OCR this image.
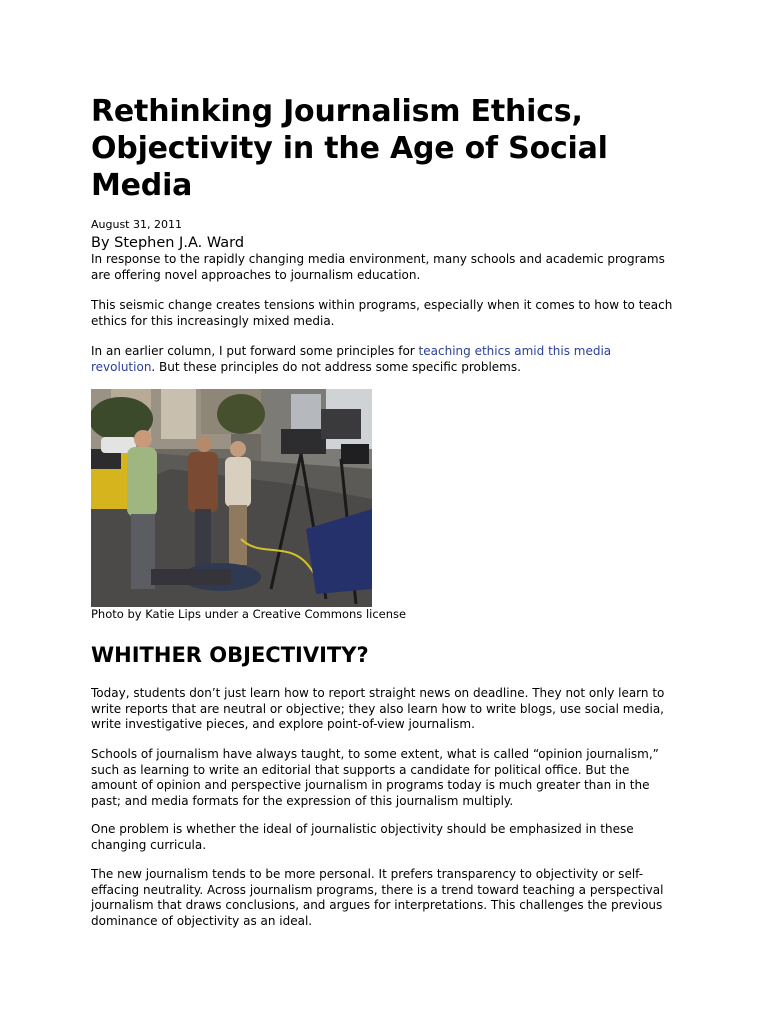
Rethinking Journalism Ethics, Objectivity in the Age of Social Media
August 31, 2011
By Stephen J.A. Ward

In response to the rapidly changing media environment, many schools and academic programs are offering novel approaches to journalism education.

This seismic change creates tensions within programs, especially when it comes to how to teach ethics for this increasingly mixed media.

In an earlier column, I put forward some principles for teaching ethics amid this media revolution. But these principles do not address some specific problems.

Photo by Katie Lips under a Creative Commons license
WHITHER OBJECTIVITY?

Today, students don’t just learn how to report straight news on deadline. They not only learn to write reports that are neutral or objective; they also learn how to write blogs, use social media, write investigative pieces, and explore point-of-view journalism.

Schools of journalism have always taught, to some extent, what is called “opinion journalism,” such as learning to write an editorial that supports a candidate for political office. But the amount of opinion and perspective journalism in programs today is much greater than in the past; and media formats for the expression of this journalism multiply.

One problem is whether the ideal of journalistic objectivity should be emphasized in these changing curricula.

The new journalism tends to be more personal. It prefers transparency to objectivity or self-effacing neutrality. Across journalism programs, there is a trend toward teaching a perspectival journalism that draws conclusions, and argues for interpretations. This challenges the previous dominance of objectivity as an ideal.
